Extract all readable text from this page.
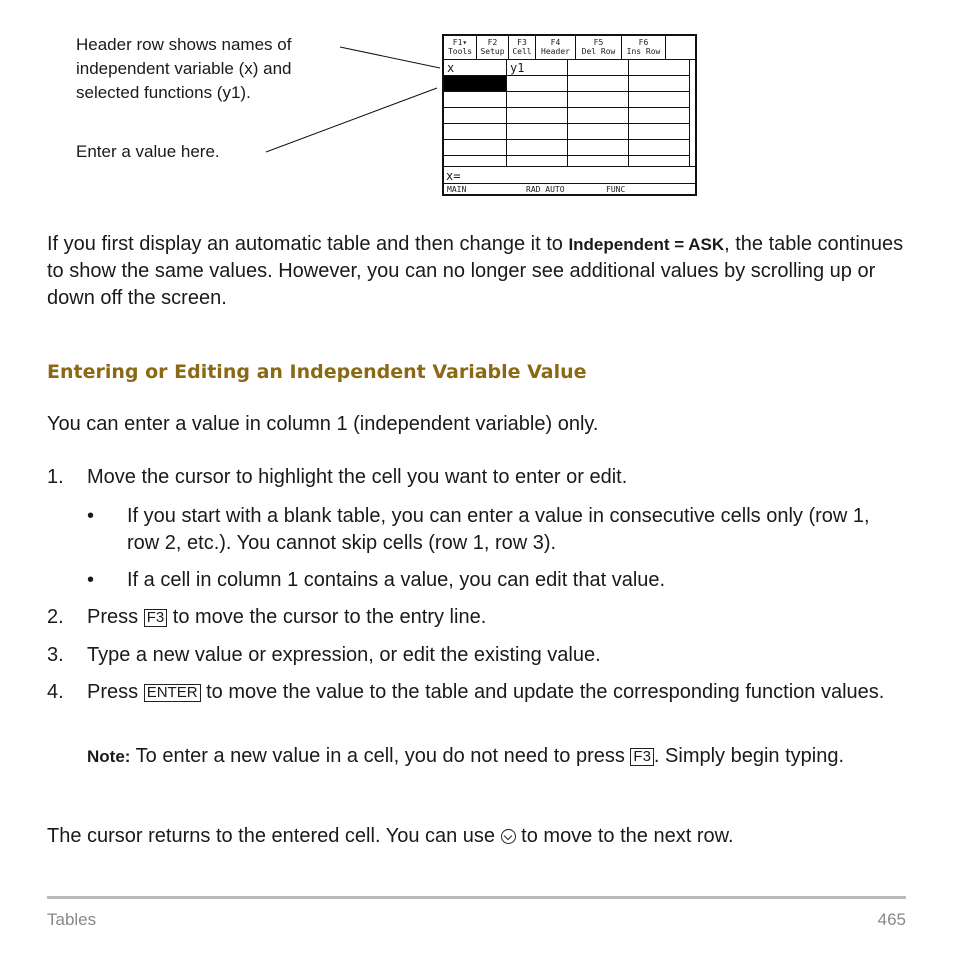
Header row shows names of
independent variable (x) and
selected functions (y1).
Enter a value here.
F1▾
Tools
F2
Setup
F3
Cell
F4
Header
F5
Del Row
F6
Ins Row
x	y1
x=
MAIN	RAD AUTO	FUNC
If you first display an automatic table and then change it to Independent = ASK, the table continues to show the same values. However, you can no longer see additional values by scrolling up or down off the screen.
Entering or Editing an Independent Variable Value
You can enter a value in column 1 (independent variable) only.
1.	Move the cursor to highlight the cell you want to enter or edit.
•	If you start with a blank table, you can enter a value in consecutive cells only (row 1, row 2, etc.). You cannot skip cells (row 1, row 3).
•	If a cell in column 1 contains a value, you can edit that value.
2.	Press F3 to move the cursor to the entry line.
3.	Type a new value or expression, or edit the existing value.
4.	Press ENTER to move the value to the table and update the corresponding function values.
Note: To enter a new value in a cell, you do not need to press F3 . Simply begin typing.
The cursor returns to the entered cell. You can use  to move to the next row.
Tables	465
